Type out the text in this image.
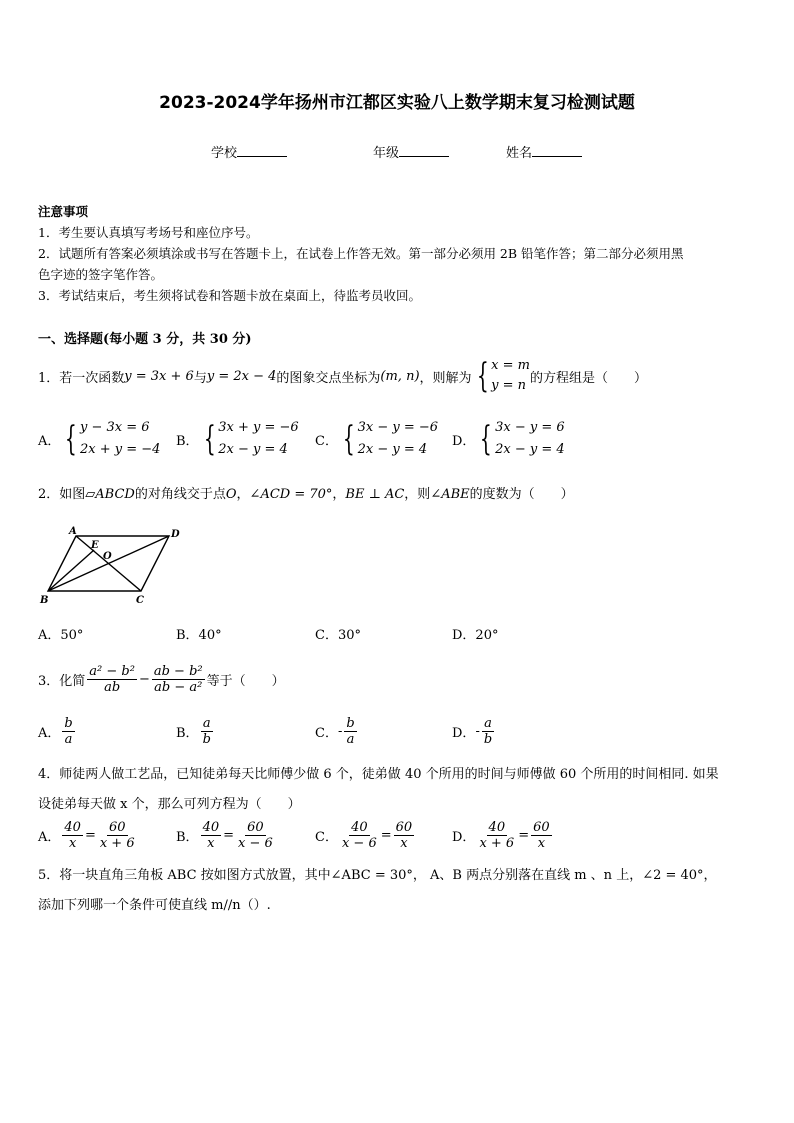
2023-2024学年扬州市江都区实验八上数学期末复习检测试题
学校	年级	姓名
注意事项
1．考生要认真填写考场号和座位序号。
2．试题所有答案必须填涂或书写在答题卡上，在试卷上作答无效。第一部分必须用 2B 铅笔作答；第二部分必须用黑
色字迹的签字笔作答。
3．考试结束后，考生须将试卷和答题卡放在桌面上，待监考员收回。
一、选择题(每小题 3 分，共 30 分)
1．若一次函数 y = 3x + 6 与 y = 2x − 4 的图象交点坐标为 (m, n) ，则解为 { x = m
y = n 的方程组是（　　）
A． { y − 3x = 6
2x + y = −4
B． { 3x + y = −6
2x − y = 4
C． { 3x − y = −6
2x − y = 4
D． { 3x − y = 6
2x − y = 4
2．如图▱ABCD的对角线交于点O，∠ACD = 70°，BE ⊥ AC，则∠ABE的度数为（　　）
A
E
O
D
B	C
A．50°	B．40°	C．30°	D．20°
3．化简 $\frac{\text{a² − b²}}{ab} - \frac{\text{ab − b²}}{\text{ab − a²}}$ 等于（　　）
A． $\frac{b}{a}$	B． $\frac{a}{b}$	C． - $\frac{b}{a}$	D． - $\frac{a}{b}$
4．师徒两人做工艺品，已知徒弟每天比师傅少做 6 个，徒弟做 40 个所用的时间与师傅做 60 个所用的时间相同. 如果
设徒弟每天做 x 个，那么可列方程为（　　）
A． $\frac{40}{x} = \frac{60}{x + 6}$	B． $\frac{40}{x} = \frac{60}{x - 6}$	C． $\frac{40}{x - 6} = \frac{60}{x}$	D． $\frac{40}{x + 6} = \frac{60}{x}$
5．将一块直角三角板 ABC 按如图方式放置，其中∠ABC = 30°， A、B 两点分别落在直线 m 、n 上，∠2 = 40°，
添加下列哪一个条件可使直线 m//n（）.
